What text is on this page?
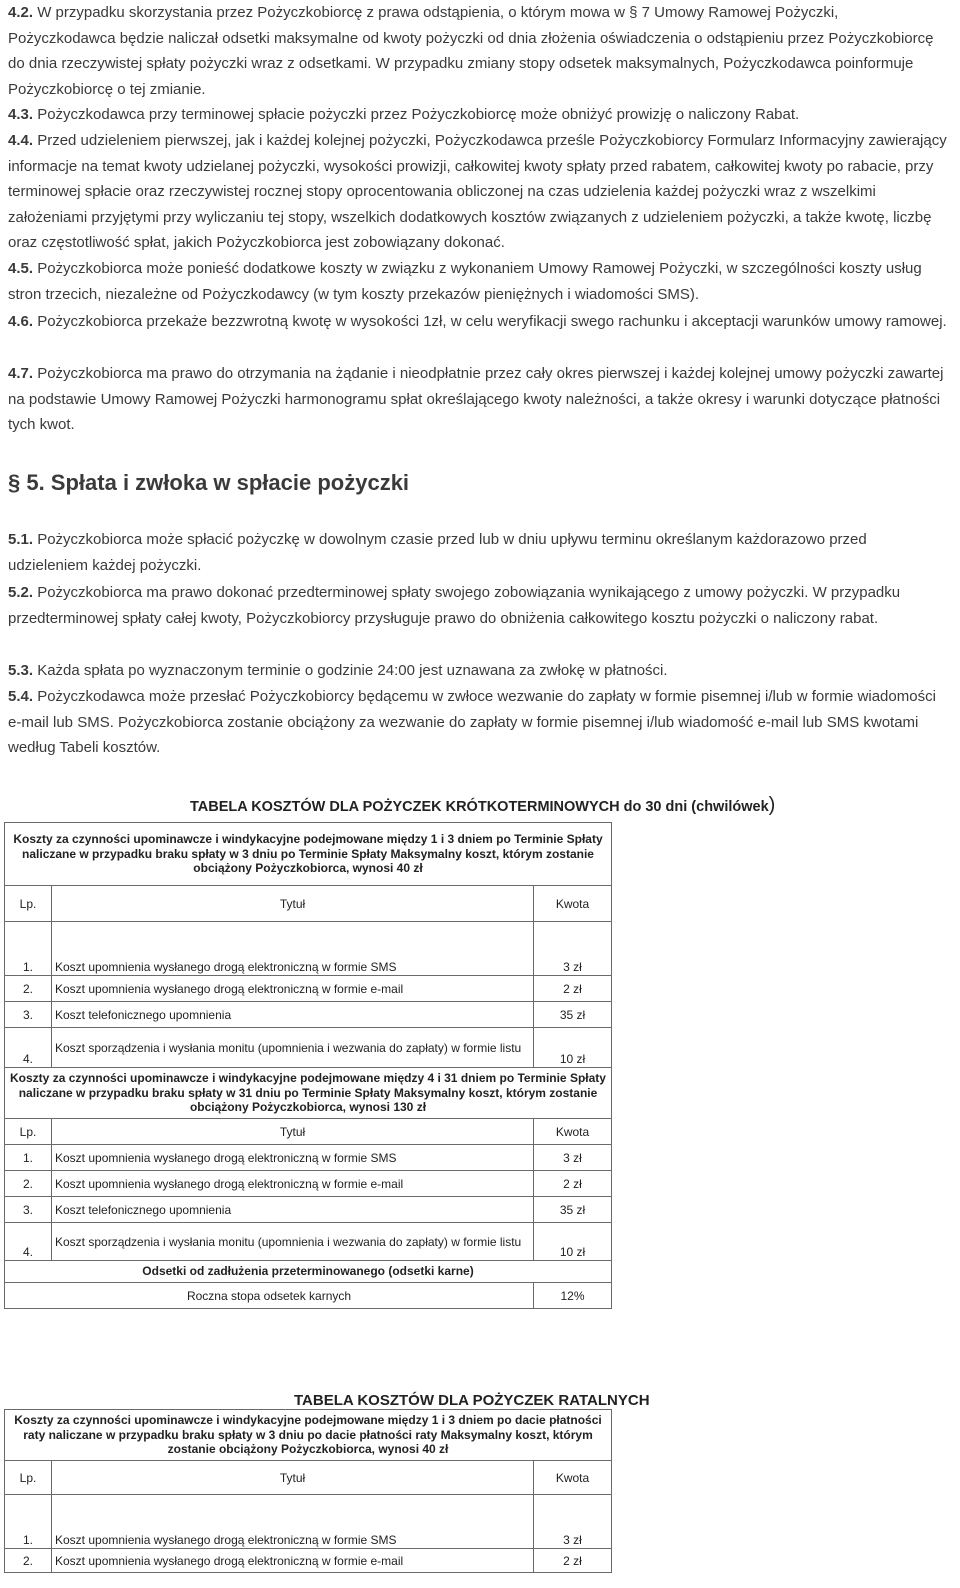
4.2. W przypadku skorzystania przez Pożyczkobiorcę z prawa odstąpienia, o którym mowa w § 7 Umowy Ramowej Pożyczki, Pożyczkodawca będzie naliczał odsetki maksymalne od kwoty pożyczki od dnia złożenia oświadczenia o odstąpieniu przez Pożyczkobiorcę do dnia rzeczywistej spłaty pożyczki wraz z odsetkami. W przypadku zmiany stopy odsetek maksymalnych, Pożyczkodawca poinformuje Pożyczkobiorcę o tej zmianie.

4.3. Pożyczkodawca przy terminowej spłacie pożyczki przez Pożyczkobiorcę może obniżyć prowizję o naliczony Rabat.

4.4. Przed udzieleniem pierwszej, jak i każdej kolejnej pożyczki, Pożyczkodawca prześle Pożyczkobiorcy Formularz Informacyjny zawierający informacje na temat kwoty udzielanej pożyczki, wysokości prowizji, całkowitej kwoty spłaty przed rabatem, całkowitej kwoty po rabacie, przy terminowej spłacie oraz rzeczywistej rocznej stopy oprocentowania obliczonej na czas udzielenia każdej pożyczki wraz z wszelkimi założeniami przyjętymi przy wyliczaniu tej stopy, wszelkich dodatkowych kosztów związanych z udzieleniem pożyczki, a także kwotę, liczbę oraz częstotliwość spłat, jakich Pożyczkobiorca jest zobowiązany dokonać.

4.5. Pożyczkobiorca może ponieść dodatkowe koszty w związku z wykonaniem Umowy Ramowej Pożyczki, w szczególności koszty usług stron trzecich, niezależne od Pożyczkodawcy (w tym koszty przekazów pieniężnych i wiadomości SMS).

4.6. Pożyczkobiorca przekaże bezzwrotną kwotę w wysokości 1zł, w celu weryfikacji swego rachunku i akceptacji warunków umowy ramowej.

4.7. Pożyczkobiorca ma prawo do otrzymania na żądanie i nieodpłatnie przez cały okres pierwszej i każdej kolejnej umowy pożyczki zawartej na podstawie Umowy Ramowej Pożyczki harmonogramu spłat określającego kwoty należności, a także okresy i warunki dotyczące płatności tych kwot.

§ 5. Spłata i zwłoka w spłacie pożyczki

5.1. Pożyczkobiorca może spłacić pożyczkę w dowolnym czasie przed lub w dniu upływu terminu określanym każdorazowo przed udzieleniem każdej pożyczki.

5.2. Pożyczkobiorca ma prawo dokonać przedterminowej spłaty swojego zobowiązania wynikającego z umowy pożyczki. W przypadku przedterminowej spłaty całej kwoty, Pożyczkobiorcy przysługuje prawo do obniżenia całkowitego kosztu pożyczki o naliczony rabat.

5.3. Każda spłata po wyznaczonym terminie o godzinie 24:00 jest uznawana za zwłokę w płatności.

5.4. Pożyczkodawca może przesłać Pożyczkobiorcy będącemu w zwłoce wezwanie do zapłaty w formie pisemnej i/lub w formie wiadomości e-mail lub SMS. Pożyczkobiorca zostanie obciążony za wezwanie do zapłaty w formie pisemnej i/lub wiadomość e-mail lub SMS kwotami według Tabeli kosztów.

TABELA KOSZTÓW DLA POŻYCZEK KRÓTKOTERMINOWYCH do 30 dni (chwilówek)
Koszty za czynności upominawcze i windykacyjne podejmowane między 1 i 3 dniem po Terminie Spłaty naliczane w przypadku braku spłaty w 3 dniu po Terminie Spłaty Maksymalny koszt, którym zostanie obciążony Pożyczkobiorca, wynosi 40 zł		
Lp.	Tytuł	Kwota
1.	Koszt upomnienia wysłanego drogą elektroniczną w formie SMS	3 zł
2.	Koszt upomnienia wysłanego drogą elektroniczną w formie e-mail	2 zł
3.	Koszt telefonicznego upomnienia	35 zł
4.	Koszt sporządzenia i wysłania monitu (upomnienia i wezwania do zapłaty) w formie listu	10 zł
Koszty za czynności upominawcze i windykacyjne podejmowane między 4 i 31 dniem po Terminie Spłaty naliczane w przypadku braku spłaty w 31 dniu po Terminie Spłaty Maksymalny koszt, którym zostanie obciążony Pożyczkobiorca, wynosi 130 zł		
Lp.	Tytuł	Kwota
1.	Koszt upomnienia wysłanego drogą elektroniczną w formie SMS	3 zł
2.	Koszt upomnienia wysłanego drogą elektroniczną w formie e-mail	2 zł
3.	Koszt telefonicznego upomnienia	35 zł
4.	Koszt sporządzenia i wysłania monitu (upomnienia i wezwania do zapłaty) w formie listu	10 zł
Odsetki od zadłużenia przeterminowanego (odsetki karne)		
Roczna stopa odsetek karnych		12%
TABELA KOSZTÓW DLA POŻYCZEK RATALNYCH
Koszty za czynności upominawcze i windykacyjne podejmowane między 1 i 3 dniem po dacie płatności raty naliczane w przypadku braku spłaty w 3 dniu po dacie płatności raty Maksymalny koszt, którym zostanie obciążony Pożyczkobiorca, wynosi 40 zł		
Lp.	Tytuł	Kwota
1.	Koszt upomnienia wysłanego drogą elektroniczną w formie SMS	3 zł
2.	Koszt upomnienia wysłanego drogą elektroniczną w formie e-mail	2 zł
